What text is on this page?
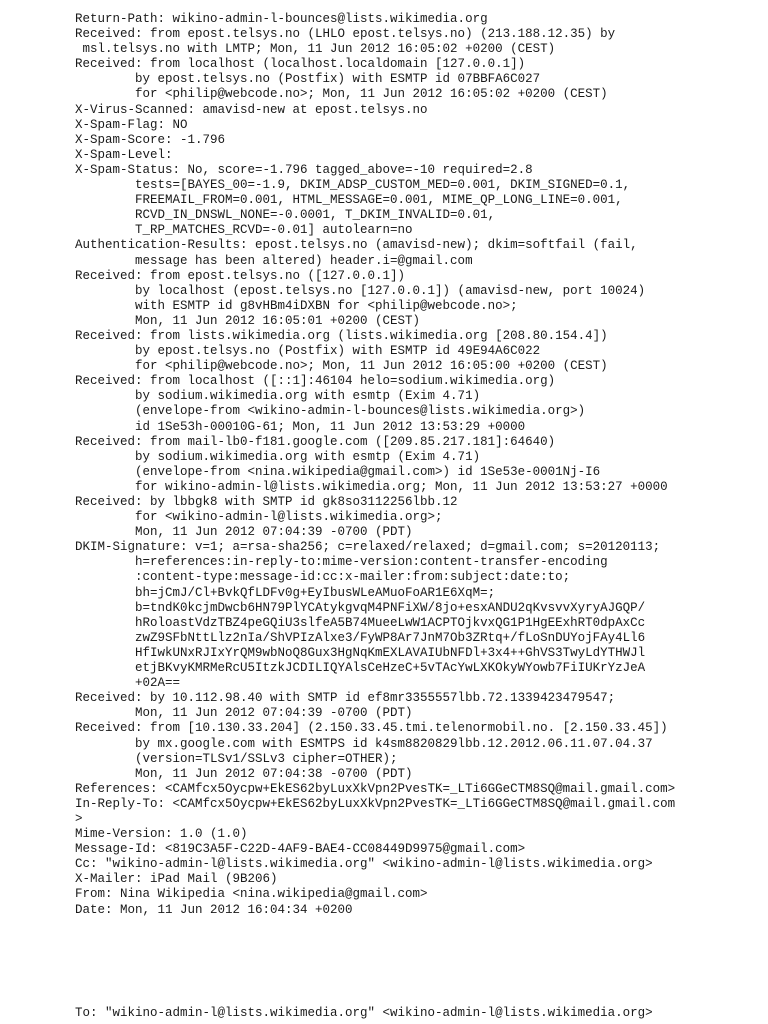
Return-Path: wikino-admin-l-bounces@lists.wikimedia.org
Received: from epost.telsys.no (LHLO epost.telsys.no) (213.188.12.35) by
msl.telsys.no with LMTP; Mon, 11 Jun 2012 16:05:02 +0200 (CEST)
Received: from localhost (localhost.localdomain [127.0.0.1])
by epost.telsys.no (Postfix) with ESMTP id 07BBFA6C027
for <philip@webcode.no>; Mon, 11 Jun 2012 16:05:02 +0200 (CEST)
X-Virus-Scanned: amavisd-new at epost.telsys.no
X-Spam-Flag: NO
X-Spam-Score: -1.796
X-Spam-Level:
X-Spam-Status: No, score=-1.796 tagged_above=-10 required=2.8
tests=[BAYES_00=-1.9, DKIM_ADSP_CUSTOM_MED=0.001, DKIM_SIGNED=0.1,
FREEMAIL_FROM=0.001, HTML_MESSAGE=0.001, MIME_QP_LONG_LINE=0.001,
RCVD_IN_DNSWL_NONE=-0.0001, T_DKIM_INVALID=0.01,
T_RP_MATCHES_RCVD=-0.01] autolearn=no
Authentication-Results: epost.telsys.no (amavisd-new); dkim=softfail (fail,
message has been altered) header.i=@gmail.com
Received: from epost.telsys.no ([127.0.0.1])
by localhost (epost.telsys.no [127.0.0.1]) (amavisd-new, port 10024)
with ESMTP id g8vHBm4iDXBN for <philip@webcode.no>;
Mon, 11 Jun 2012 16:05:01 +0200 (CEST)
Received: from lists.wikimedia.org (lists.wikimedia.org [208.80.154.4])
by epost.telsys.no (Postfix) with ESMTP id 49E94A6C022
for <philip@webcode.no>; Mon, 11 Jun 2012 16:05:00 +0200 (CEST)
Received: from localhost ([::1]:46104 helo=sodium.wikimedia.org)
by sodium.wikimedia.org with esmtp (Exim 4.71)
(envelope-from <wikino-admin-l-bounces@lists.wikimedia.org>)
id 1Se53h-00010G-61; Mon, 11 Jun 2012 13:53:29 +0000
Received: from mail-lb0-f181.google.com ([209.85.217.181]:64640)
by sodium.wikimedia.org with esmtp (Exim 4.71)
(envelope-from <nina.wikipedia@gmail.com>) id 1Se53e-0001Nj-I6
for wikino-admin-l@lists.wikimedia.org; Mon, 11 Jun 2012 13:53:27 +0000
Received: by lbbgk8 with SMTP id gk8so3112256lbb.12
for <wikino-admin-l@lists.wikimedia.org>;
Mon, 11 Jun 2012 07:04:39 -0700 (PDT)
DKIM-Signature: v=1; a=rsa-sha256; c=relaxed/relaxed; d=gmail.com; s=20120113;
h=references:in-reply-to:mime-version:content-transfer-encoding
:content-type:message-id:cc:x-mailer:from:subject:date:to;
bh=jCmJ/Cl+BvkQfLDFv0g+EyIbusWLeAMuoFoAR1E6XqM=;
b=tndK0kcjmDwcb6HN79PlYCAtykgvqM4PNFiXW/8jo+esxANDU2qKvsvvXyryAJGQP/
hRoloastVdzTBZ4peGQiU3slfeA5B74MueeLwW1ACPTOjkvxQG1P1HgEExhRT0dpAxCc
zwZ9SFbNttLlz2nIa/ShVPIzAlxe3/FyWP8Ar7JnM7Ob3ZRtq+/fLoSnDUYojFAy4Ll6
HfIwkUNxRJIxYrQM9wbNoQ8Gux3HgNqKmEXLAVAIUbNFDl+3x4++GhVS3TwyLdYTHWJl
etjBKvyKMRMeRcU5ItzkJCDILIQYAlsCeHzeC+5vTAcYwLXKOkyWYowb7FiIUKrYzJeA
+02A==
Received: by 10.112.98.40 with SMTP id ef8mr3355557lbb.72.1339423479547;
Mon, 11 Jun 2012 07:04:39 -0700 (PDT)
Received: from [10.130.33.204] (2.150.33.45.tmi.telenormobil.no. [2.150.33.45])
by mx.google.com with ESMTPS id k4sm8820829lbb.12.2012.06.11.07.04.37
(version=TLSv1/SSLv3 cipher=OTHER);
Mon, 11 Jun 2012 07:04:38 -0700 (PDT)
References: <CAMfcx5Oycpw+EkES62byLuxXkVpn2PvesTK=_LTi6GGeCTM8SQ@mail.gmail.com>
In-Reply-To: <CAMfcx5Oycpw+EkES62byLuxXkVpn2PvesTK=_LTi6GGeCTM8SQ@mail.gmail.com
>
Mime-Version: 1.0 (1.0)
Message-Id: <819C3A5F-C22D-4AF9-BAE4-CC08449D9975@gmail.com>
Cc: "wikino-admin-l@lists.wikimedia.org" <wikino-admin-l@lists.wikimedia.org>
X-Mailer: iPad Mail (9B206)
From: Nina Wikipedia <nina.wikipedia@gmail.com>
Date: Mon, 11 Jun 2012 16:04:34 +0200
To: "wikino-admin-l@lists.wikimedia.org" <wikino-admin-l@lists.wikimedia.org>
